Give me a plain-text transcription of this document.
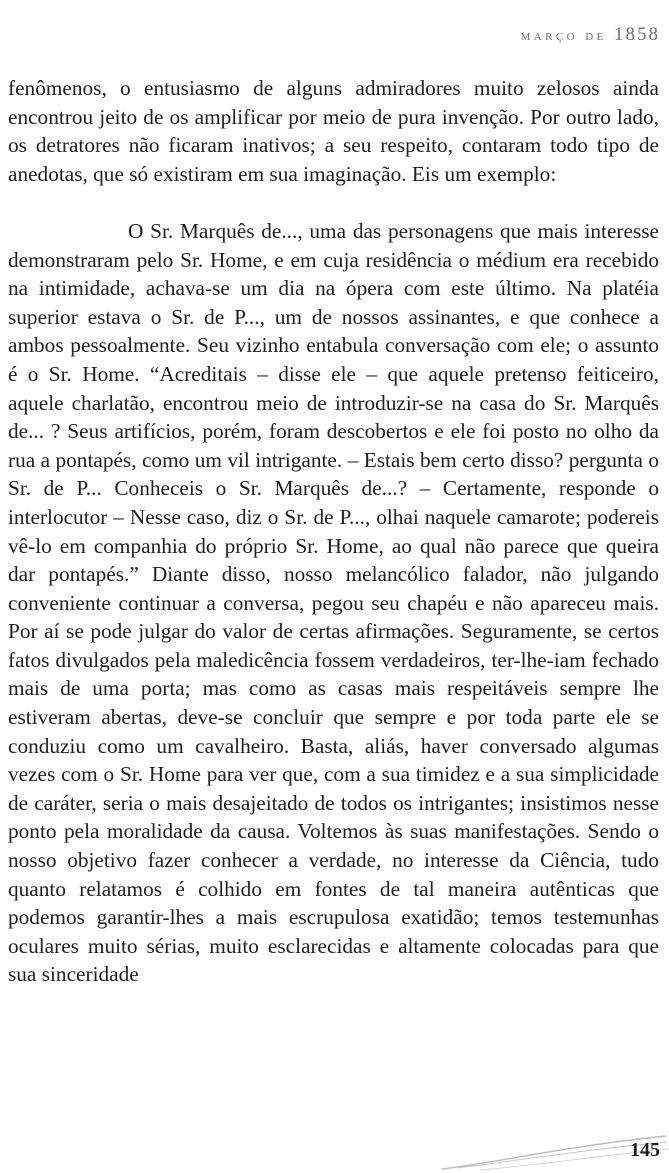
março de 1858

fenômenos, o entusiasmo de alguns admiradores muito zelosos ainda encontrou jeito de os amplificar por meio de pura invenção. Por outro lado, os detratores não ficaram inativos; a seu respeito, contaram todo tipo de anedotas, que só existiram em sua imaginação. Eis um exemplo:

O Sr. Marquês de..., uma das personagens que mais interesse demonstraram pelo Sr. Home, e em cuja residência o médium era recebido na intimidade, achava-se um dia na ópera com este último. Na platéia superior estava o Sr. de P..., um de nossos assinantes, e que conhece a ambos pessoalmente. Seu vizinho entabula conversação com ele; o assunto é o Sr. Home. “Acreditais – disse ele – que aquele pretenso feiticeiro, aquele charlatão, encontrou meio de introduzir-se na casa do Sr. Marquês de... ? Seus artifícios, porém, foram descobertos e ele foi posto no olho da rua a pontapés, como um vil intrigante. – Estais bem certo disso? pergunta o Sr. de P... Conheceis o Sr. Marquês de...? – Certamente, responde o interlocutor – Nesse caso, diz o Sr. de P..., olhai naquele camarote; podereis vê-lo em companhia do próprio Sr. Home, ao qual não parece que queira dar pontapés.” Diante disso, nosso melancólico falador, não julgando conveniente continuar a conversa, pegou seu chapéu e não apareceu mais. Por aí se pode julgar do valor de certas afirmações. Seguramente, se certos fatos divulgados pela maledicência fossem verdadeiros, ter-lhe-iam fechado mais de uma porta; mas como as casas mais respeitáveis sempre lhe estiveram abertas, deve-se concluir que sempre e por toda parte ele se conduziu como um cavalheiro. Basta, aliás, haver conversado algumas vezes com o Sr. Home para ver que, com a sua timidez e a sua simplicidade de caráter, seria o mais desajeitado de todos os intrigantes; insistimos nesse ponto pela moralidade da causa. Voltemos às suas manifestações. Sendo o nosso objetivo fazer conhecer a verdade, no interesse da Ciência, tudo quanto relatamos é colhido em fontes de tal maneira autênticas que podemos garantir-lhes a mais escrupulosa exatidão; temos testemunhas oculares muito sérias, muito esclarecidas e altamente colocadas para que sua sinceridade

145
